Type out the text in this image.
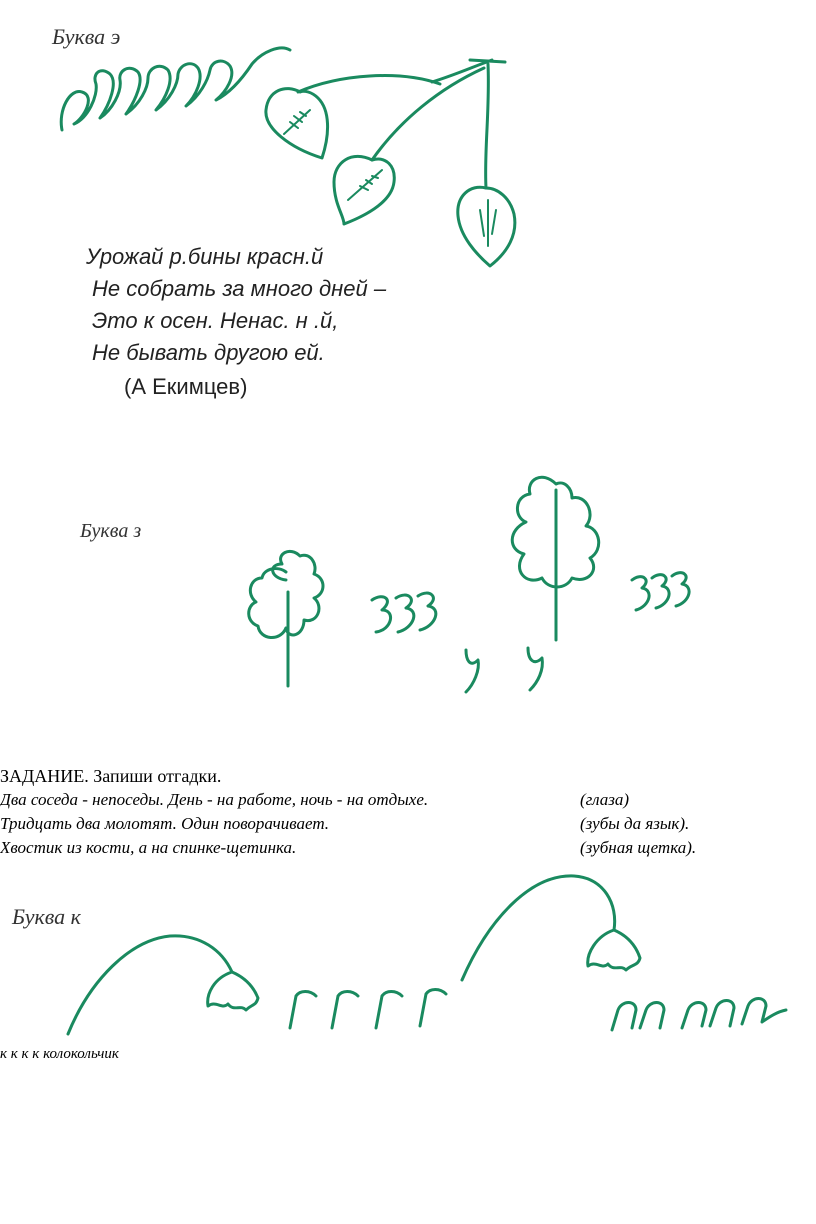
Буква э
Урожай р.бины красн.й
Не собрать за много дней –
Это к осен. Ненас. н .й,
Не бывать другою ей.
(А Екимцев)
Буква з
ЗАДАНИЕ. Запиши отгадки.
Два соседа - непоседы. День - на работе, ночь - на отдыхе.	(глаза)
Тридцать два молотят. Один поворачивает.	(зубы да язык).
Хвостик из кости, а на спинке-щетинка.	(зубная щетка).
Буква к
к к к к колокольчик
